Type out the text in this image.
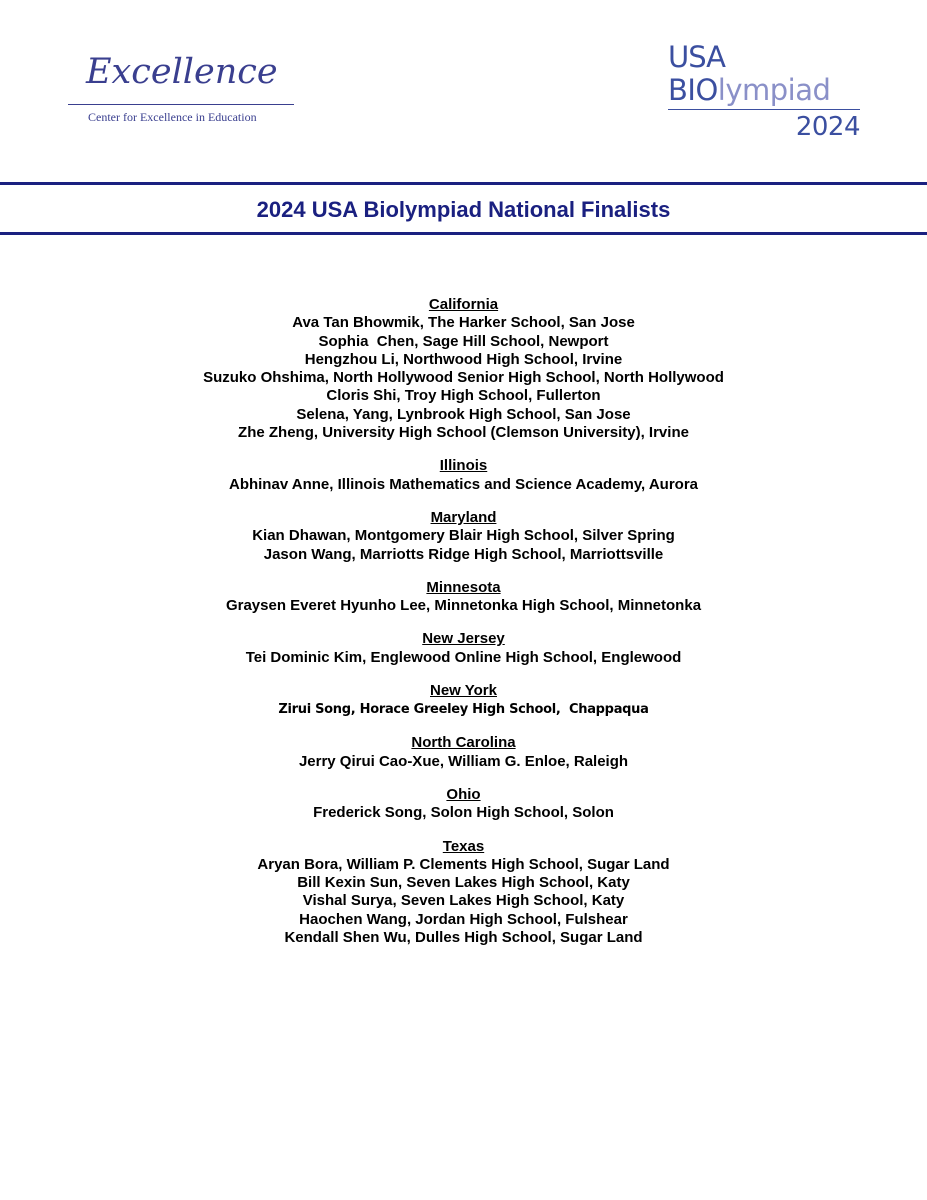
Excellence
Center for Excellence in Education
USA
BIOlympiad
2024
2024 USA Biolympiad National Finalists
California
Ava Tan Bhowmik, The Harker School, San Jose
Sophia  Chen, Sage Hill School, Newport
Hengzhou Li, Northwood High School, Irvine
Suzuko Ohshima, North Hollywood Senior High School, North Hollywood
Cloris Shi, Troy High School, Fullerton
Selena, Yang, Lynbrook High School, San Jose
Zhe Zheng, University High School (Clemson University), Irvine
Illinois
Abhinav Anne, Illinois Mathematics and Science Academy, Aurora
Maryland
Kian Dhawan, Montgomery Blair High School, Silver Spring
Jason Wang, Marriotts Ridge High School, Marriottsville
Minnesota
Graysen Everet Hyunho Lee, Minnetonka High School, Minnetonka
New Jersey
Tei Dominic Kim, Englewood Online High School, Englewood
New York
Zirui Song, Horace Greeley High School,  Chappaqua
North Carolina
Jerry Qirui Cao-Xue, William G. Enloe, Raleigh
Ohio
Frederick Song, Solon High School, Solon
Texas
Aryan Bora, William P. Clements High School, Sugar Land
Bill Kexin Sun, Seven Lakes High School, Katy
Vishal Surya, Seven Lakes High School, Katy
Haochen Wang, Jordan High School, Fulshear
Kendall Shen Wu, Dulles High School, Sugar Land
